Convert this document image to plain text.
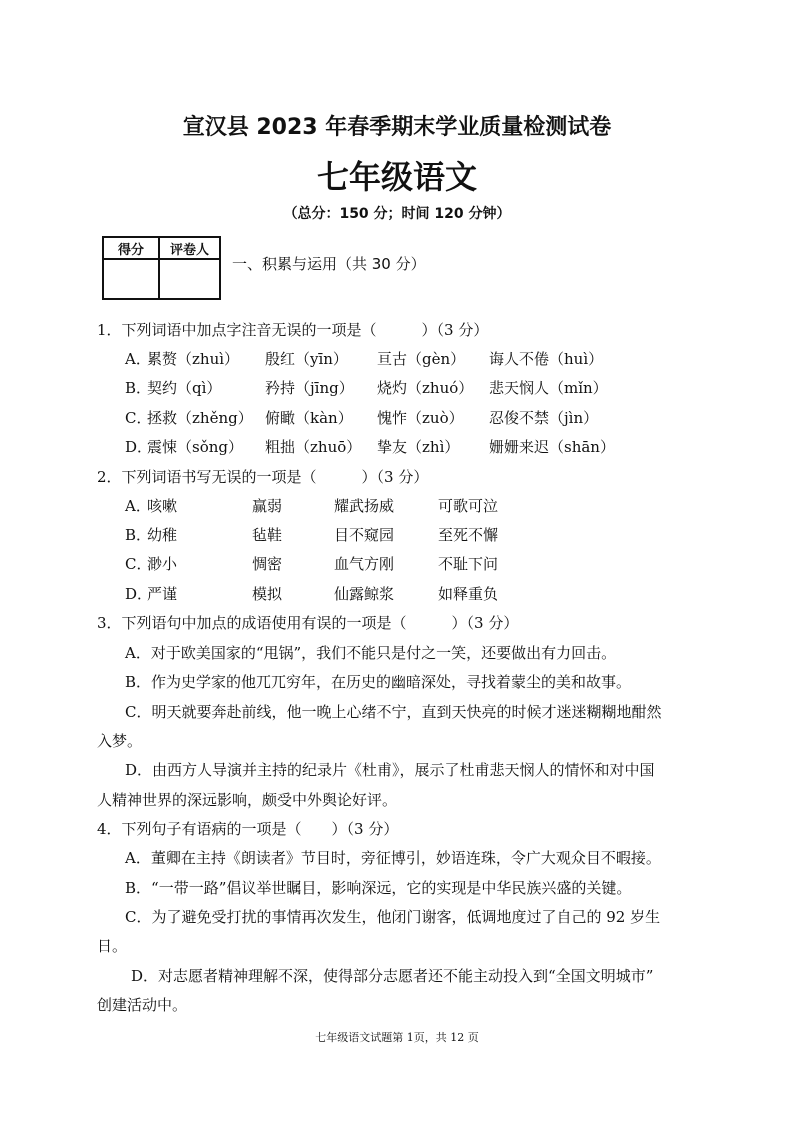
宣汉县 2023 年春季期末学业质量检测试卷
七年级语文
（总分：150 分；时间 120 分钟）
得分	评卷人

一、积累与运用（共 30 分）
1．下列词语中加点字注音无误的一项是（　　　）（3 分）
A．累赘（zhuì） 殷红（yīn） 亘古（gèn） 诲人不倦（huì）
B．契约（qì）	矜持（jīng） 烧灼（zhuó） 悲天悯人（mǐn）
C．拯救（zhěng） 俯瞰（kàn） 愧怍（zuò） 忍俊不禁（jìn）
D．震悚（sǒng） 粗拙（zhuō） 挚友（zhì） 姗姗来迟（shān）
2．下列词语书写无误的一项是（　　　）（3 分）
A．咳嗽	赢弱	耀武扬威	可歌可泣
B．幼稚	毡鞋	目不窥园	至死不懈
C．渺小	惆密	血气方刚	不耻下问
D．严谨	模拟	仙露鲸浆	如释重负
3．下列语句中加点的成语使用有误的一项是（　　　）（3 分）
A．对于欧美国家的“甩锅”，我们不能只是付之一笑，还要做出有力回击。
B．作为史学家的他兀兀穷年，在历史的幽暗深处，寻找着蒙尘的美和故事。
C．明天就要奔赴前线，他一晚上心绪不宁，直到天快亮的时候才迷迷糊糊地酣然
入梦。
D．由西方人导演并主持的纪录片《杜甫》，展示了杜甫悲天悯人的情怀和对中国
人精神世界的深远影响，颇受中外舆论好评。
4．下列句子有语病的一项是（　　）（3 分）
A．董卿在主持《朗读者》节目时，旁征博引，妙语连珠，令广大观众目不暇接。
B．“一带一路”倡议举世瞩目，影响深远，它的实现是中华民族兴盛的关键。
C．为了避免受打扰的事情再次发生，他闭门谢客，低调地度过了自己的 92 岁生
日。
D．对志愿者精神理解不深，使得部分志愿者还不能主动投入到“全国文明城市”
创建活动中。
七年级语文试题第 1页，共 12 页
